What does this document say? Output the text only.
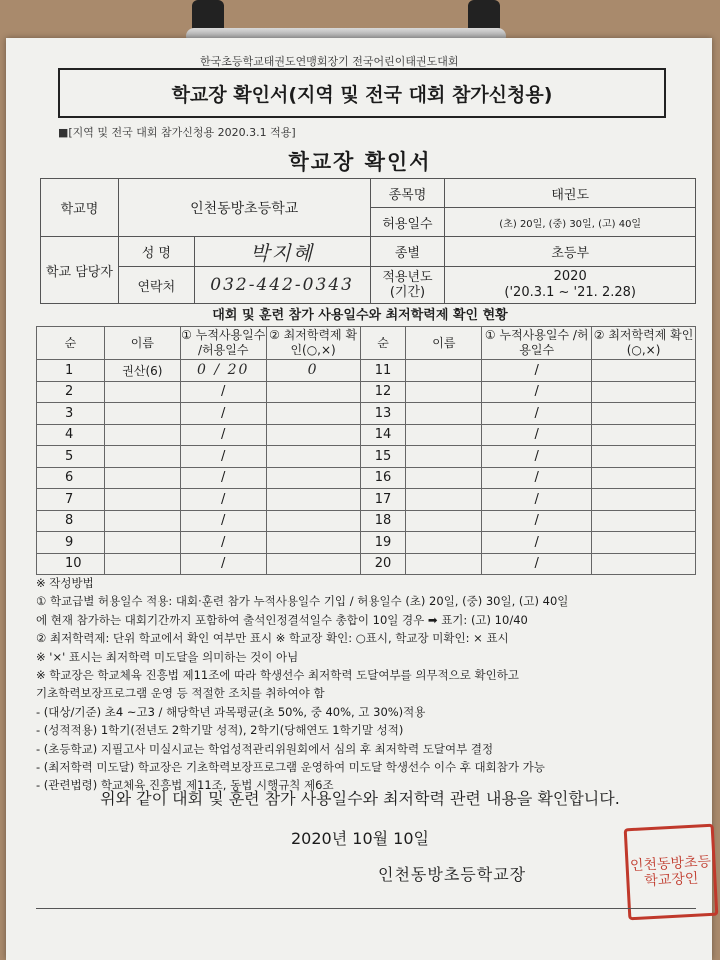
한국초등학교태권도연맹회장기 전국어린이태권도대회
학교장 확인서(지역 및 전국 대회 참가신청용)
■[지역 및 전국 대회 참가신청용 2020.3.1 적용]
학교장 확인서
학교명	인천동방초등학교		종목명	태권도
			허용일수	(초) 20일, (중) 30일, (고) 40일
학교 담당자	성 명	박지혜	종별	초등부
	연락처	032-442-0343	적용년도 (기간)	2020
('20.3.1 ~ '21. 2.28)
대회 및 훈련 참가 사용일수와 최저학력제 확인 현황
순	이름	① 누적사용일수 /허용일수	② 최저학력제 확인(○,×)	순	이름	① 누적사용일수 /허용일수	② 최저학력제 확인(○,×)
1	권산(6)	0 / 20	0	11		/	
2		/		12		/	
3		/		13		/	
4		/		14		/	
5		/		15		/	
6		/		16		/	
7		/		17		/	
8		/		18		/	
9		/		19		/	
10		/		20		/	
※ 작성방법
① 학교급별 허용일수 적용: 대회·훈련 참가 누적사용일수 기입 / 허용일수 (초) 20일, (중) 30일, (고) 40일
에 현재 참가하는 대회기간까지 포함하여 출석인정결석일수 총합이 10일 경우 ➡ 표기: (고) 10/40
② 최저학력제: 단위 학교에서 확인 여부만 표시 ※ 학교장 확인: ○표시, 학교장 미확인: × 표시
※ '×' 표시는 최저학력 미도달을 의미하는 것이 아님
※ 학교장은 학교체육 진흥법 제11조에 따라 학생선수 최저학력 도달여부를 의무적으로 확인하고
기초학력보장프로그램 운영 등 적절한 조치를 취하여야 함
- (대상/기준) 초4 ~고3 / 해당학년 과목평균(초 50%, 중 40%, 고 30%)적용
- (성적적용) 1학기(전년도 2학기말 성적), 2학기(당해연도 1학기말 성적)
- (초등학교) 지필고사 미실시교는 학업성적관리위원회에서 심의 후 최저학력 도달여부 결정
- (최저학력 미도달) 학교장은 기초학력보장프로그램 운영하여 미도달 학생선수 이수 후 대회참가 가능
- (관련법령) 학교체육 진흥법 제11조, 동법 시행규칙 제6조
위와 같이 대회 및 훈련 참가 사용일수와 최저학력 관련 내용을 확인합니다.
2020년 10월 10일
인천동방초등학교장
인천동방초등학교장인
